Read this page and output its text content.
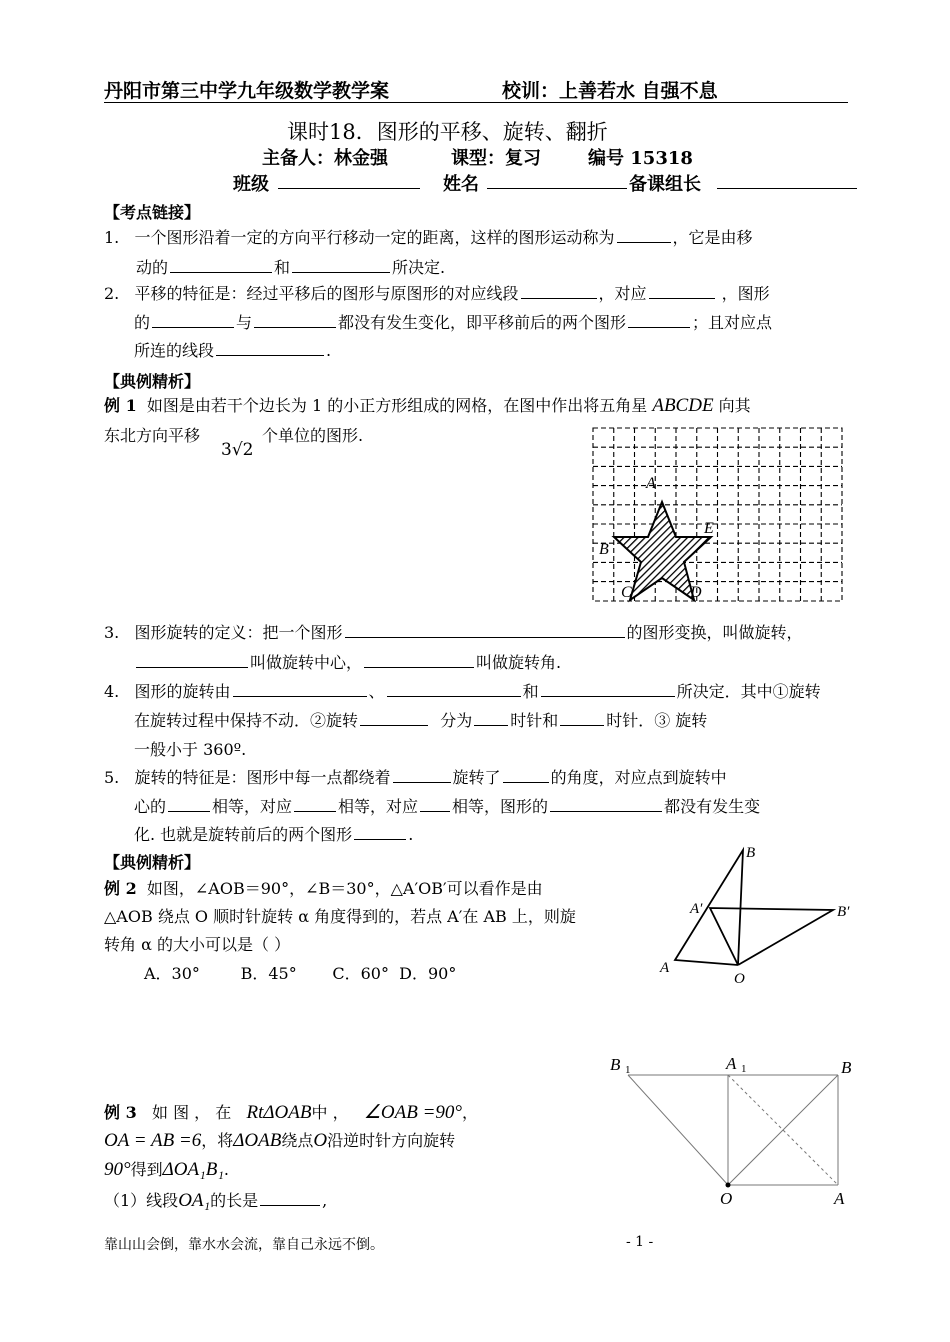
丹阳市第三中学九年级数学教学案	校训：上善若水 自强不息
课时18．图形的平移、旋转、翻折
主备人：林金强	课型：复习	编号 15318
班级	姓名	备课组长
【考点链接】
1. 一个图形沿着一定的方向平行移动一定的距离，这样的图形运动称为	，它是由移
动的	和	所决定.
2. 平移的特征是：经过平移后的图形与原图形的对应线段	，对应	，图形
的	与	都没有发生变化，即平移前后的两个图形	；且对应点
所连的线段	.
【典例精析】
例 1 如图是由若干个边长为 1 的小正方形组成的网格，在图中作出将五角星 ABCDE 向其
东北方向平移
3√2
个单位的图形.
A
B
C	D
E
3. 图形旋转的定义：把一个图形	的图形变换，叫做旋转，
叫做旋转中心，	叫做旋转角.
4. 图形的旋转由	、	和	所决定．其中①旋转
在旋转过程中保持不动．②旋转	分为 时针和	时针．③ 旋转
一般小于 360º.
5. 旋转的特征是：图形中每一点都绕着	旋转了	的角度，对应点到旋转中
心的	相等，对应	相等，对应 相等，图形的	都没有发生变
化. 也就是旋转前后的两个图形	.
【典例精析】
例 2 如图，∠AOB＝90°，∠B＝30°，△A′OB′可以看作是由
△AOB 绕点 O 顺时针旋转 α 角度得到的，若点 A′在 AB 上，则旋
转角 α 的大小可以是（ ）
A．30°	B．45° C．60° D．90°
B
A′	B′
A
O
例 3 如 图 ， 在 RtΔOAB中 ， ∠OAB =90°，
OA = AB =6，将ΔOAB绕点O沿逆时针方向旋转
90°得到ΔOA₁B₁.
（1）线段OA₁的长是	,
B 1	A 1	B
O	A
靠山山会倒，靠水水会流，靠自己永远不倒。	- 1 -
